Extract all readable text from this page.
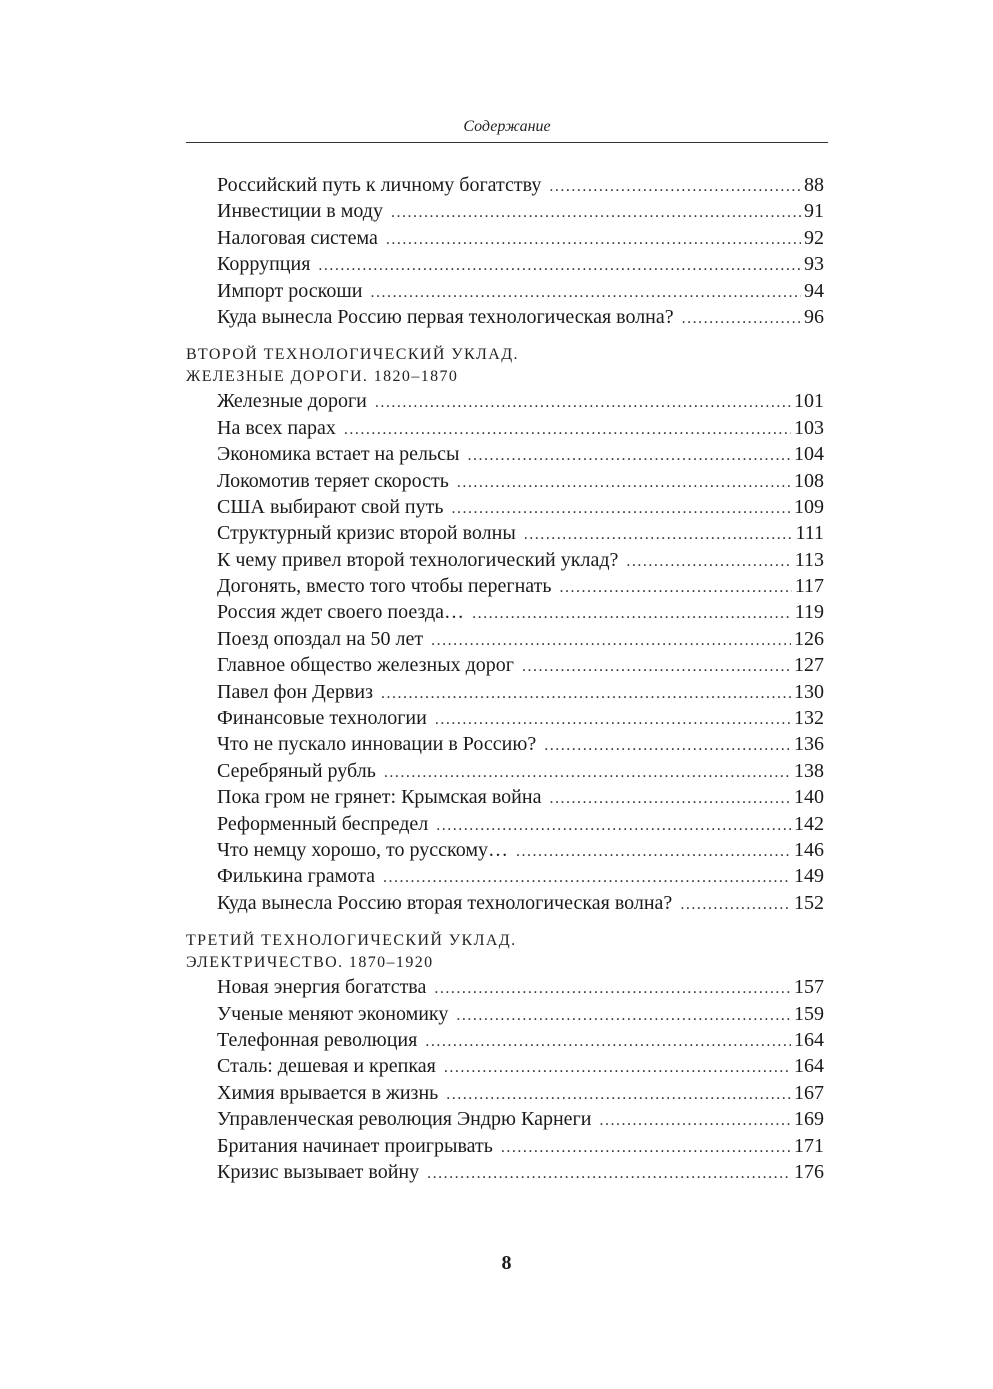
Содержание
Российский путь к личному богатству .....	88
Инвестиции в моду .....	91
Налоговая система .....	92
Коррупция .....	93
Импорт роскоши .....	94
Куда вынесла Россию первая технологическая волна? .....	96
ВТОРОЙ ТЕХНОЛОГИЧЕСКИЙ УКЛАД.
ЖЕЛЕЗНЫЕ ДОРОГИ. 1820–1870
Железные дороги .....	101
На всех парах .....	103
Экономика встает на рельсы .....	104
Локомотив теряет скорость .....	108
США выбирают свой путь .....	109
Структурный кризис второй волны .....	111
К чему привел второй технологический уклад? .....	113
Догонять, вместо того чтобы перегнать .....	117
Россия ждет своего поезда… .....	119
Поезд опоздал на 50 лет .....	126
Главное общество железных дорог .....	127
Павел фон Дервиз .....	130
Финансовые технологии .....	132
Что не пускало инновации в Россию? .....	136
Серебряный рубль .....	138
Пока гром не грянет: Крымская война .....	140
Реформенный беспредел .....	142
Что немцу хорошо, то русскому… .....	146
Филькина грамота .....	149
Куда вынесла Россию вторая технологическая волна? .....	152
ТРЕТИЙ ТЕХНОЛОГИЧЕСКИЙ УКЛАД.
ЭЛЕКТРИЧЕСТВО. 1870–1920
Новая энергия богатства .....	157
Ученые меняют экономику .....	159
Телефонная революция .....	164
Сталь: дешевая и крепкая .....	164
Химия врывается в жизнь .....	167
Управленческая революция Эндрю Карнеги .....	169
Британия начинает проигрывать .....	171
Кризис вызывает войну .....	176
8
